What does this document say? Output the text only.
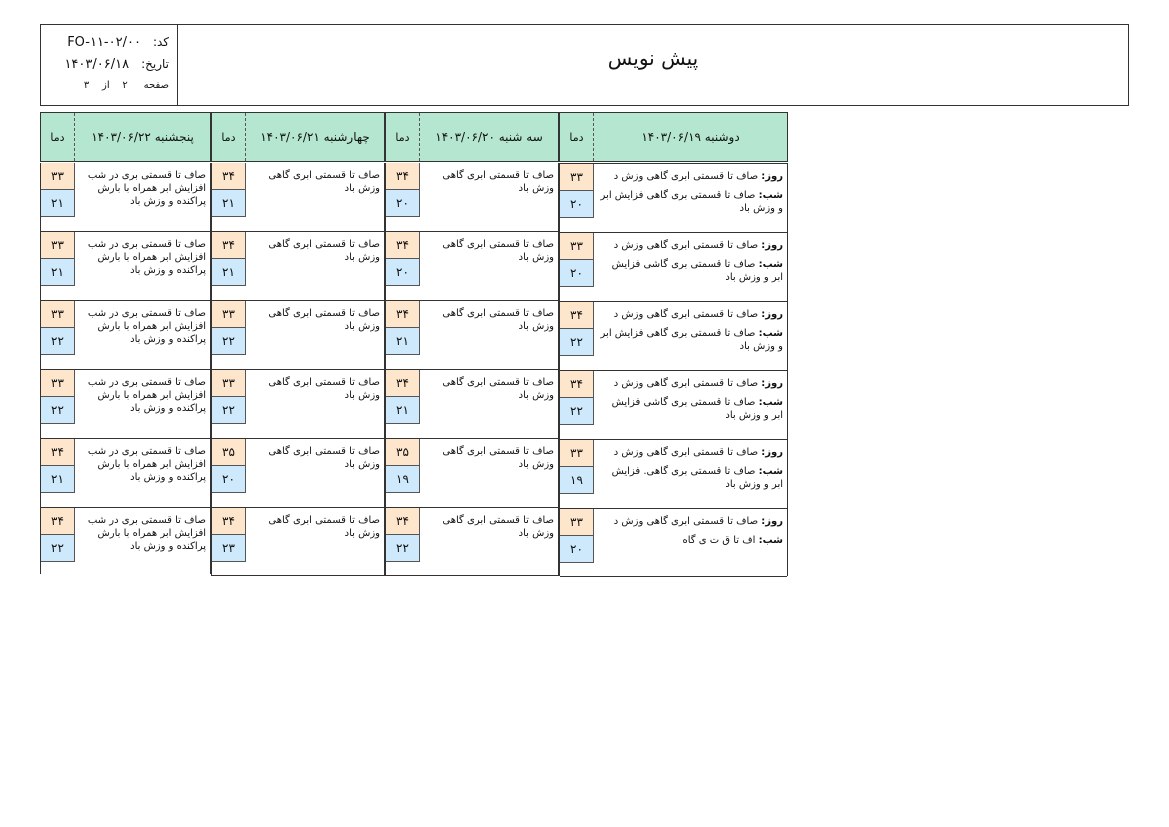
کد:FO-۱۱-۰۲/۰۰
تاریخ:۱۴۰۳/۰۶/۱۸
صفحه     ۲    از    ۳
پیش نویس
دوشنبه ۱۴۰۳/۰۶/۱۹
دما
۳۳
۲۰
روز: صاف تا قسمتی ابری گاهی وزش د
شب: صاف تا قسمتی بری گاهی فزایش ابر و وزش باد
۳۳
۲۰
روز: صاف تا قسمتی ابری گاهی وزش د
شب: صاف تا قسمتی بری گاشی فزایش ابر و وزش باد
۳۴
۲۲
روز: صاف تا قسمتی ابری گاهی وزش د
شب: صاف تا قسمتی بری گاهی فزایش ابر و وزش باد
۳۴
۲۲
روز: صاف تا قسمتی ابری گاهی وزش د
شب: صاف تا قسمتی بری گاشی فزایش ابر و وزش باد
۳۳
۱۹
روز: صاف تا قسمتی ابری گاهی وزش د
شب: صاف تا قسمتی بری گاهی. فزایش ابر و وزش باد
۳۳
۲۰
روز: صاف تا قسمتی ابری گاهی وزش د
شب: اف تا ق ت ی گاه
سه شنبه ۱۴۰۳/۰۶/۲۰
دما
۳۴
۲۰
صاف تا قسمتی ابری گاهی وزش باد
۳۴
۲۰
صاف تا قسمتی ابری گاهی وزش باد
۳۴
۲۱
صاف تا قسمتی ابری گاهی وزش باد
۳۴
۲۱
صاف تا قسمتی ابری گاهی وزش باد
۳۵
۱۹
صاف تا قسمتی ابری گاهی وزش باد
۳۴
۲۲
صاف تا قسمتی ابری گاهی وزش باد
چهارشنبه ۱۴۰۳/۰۶/۲۱
دما
۳۴
۲۱
صاف تا قسمتی ابری گاهی وزش باد
۳۴
۲۱
صاف تا قسمتی ابری گاهی وزش باد
۳۳
۲۲
صاف تا قسمتی ابری گاهی وزش باد
۳۳
۲۲
صاف تا قسمتی ابری گاهی وزش باد
۳۵
۲۰
صاف تا قسمتی ابری گاهی وزش باد
۳۴
۲۳
صاف تا قسمتی ابری گاهی وزش باد
پنجشنبه ۱۴۰۳/۰۶/۲۲
دما
۳۳
۲۱
صاف تا قسمتی بری در شب افزایش ابر همراه با بارش پراکنده و وزش باد
۳۳
۲۱
صاف تا قسمتی بری در شب افزایش ابر همراه با بارش پراکنده و وزش باد
۳۳
۲۲
صاف تا قسمتی بری در شب افزایش ابر همراه با بارش پراکنده و وزش باد
۳۳
۲۲
صاف تا قسمتی بری در شب افزایش ابر همراه با بارش پراکنده و وزش باد
۳۴
۲۱
صاف تا قسمتی بری در شب افزایش ابر همراه با بارش پراکنده و وزش باد
۳۴
۲۲
صاف تا قسمتی بری در شب افزایش ابر همراه با بارش پراکنده و وزش باد
